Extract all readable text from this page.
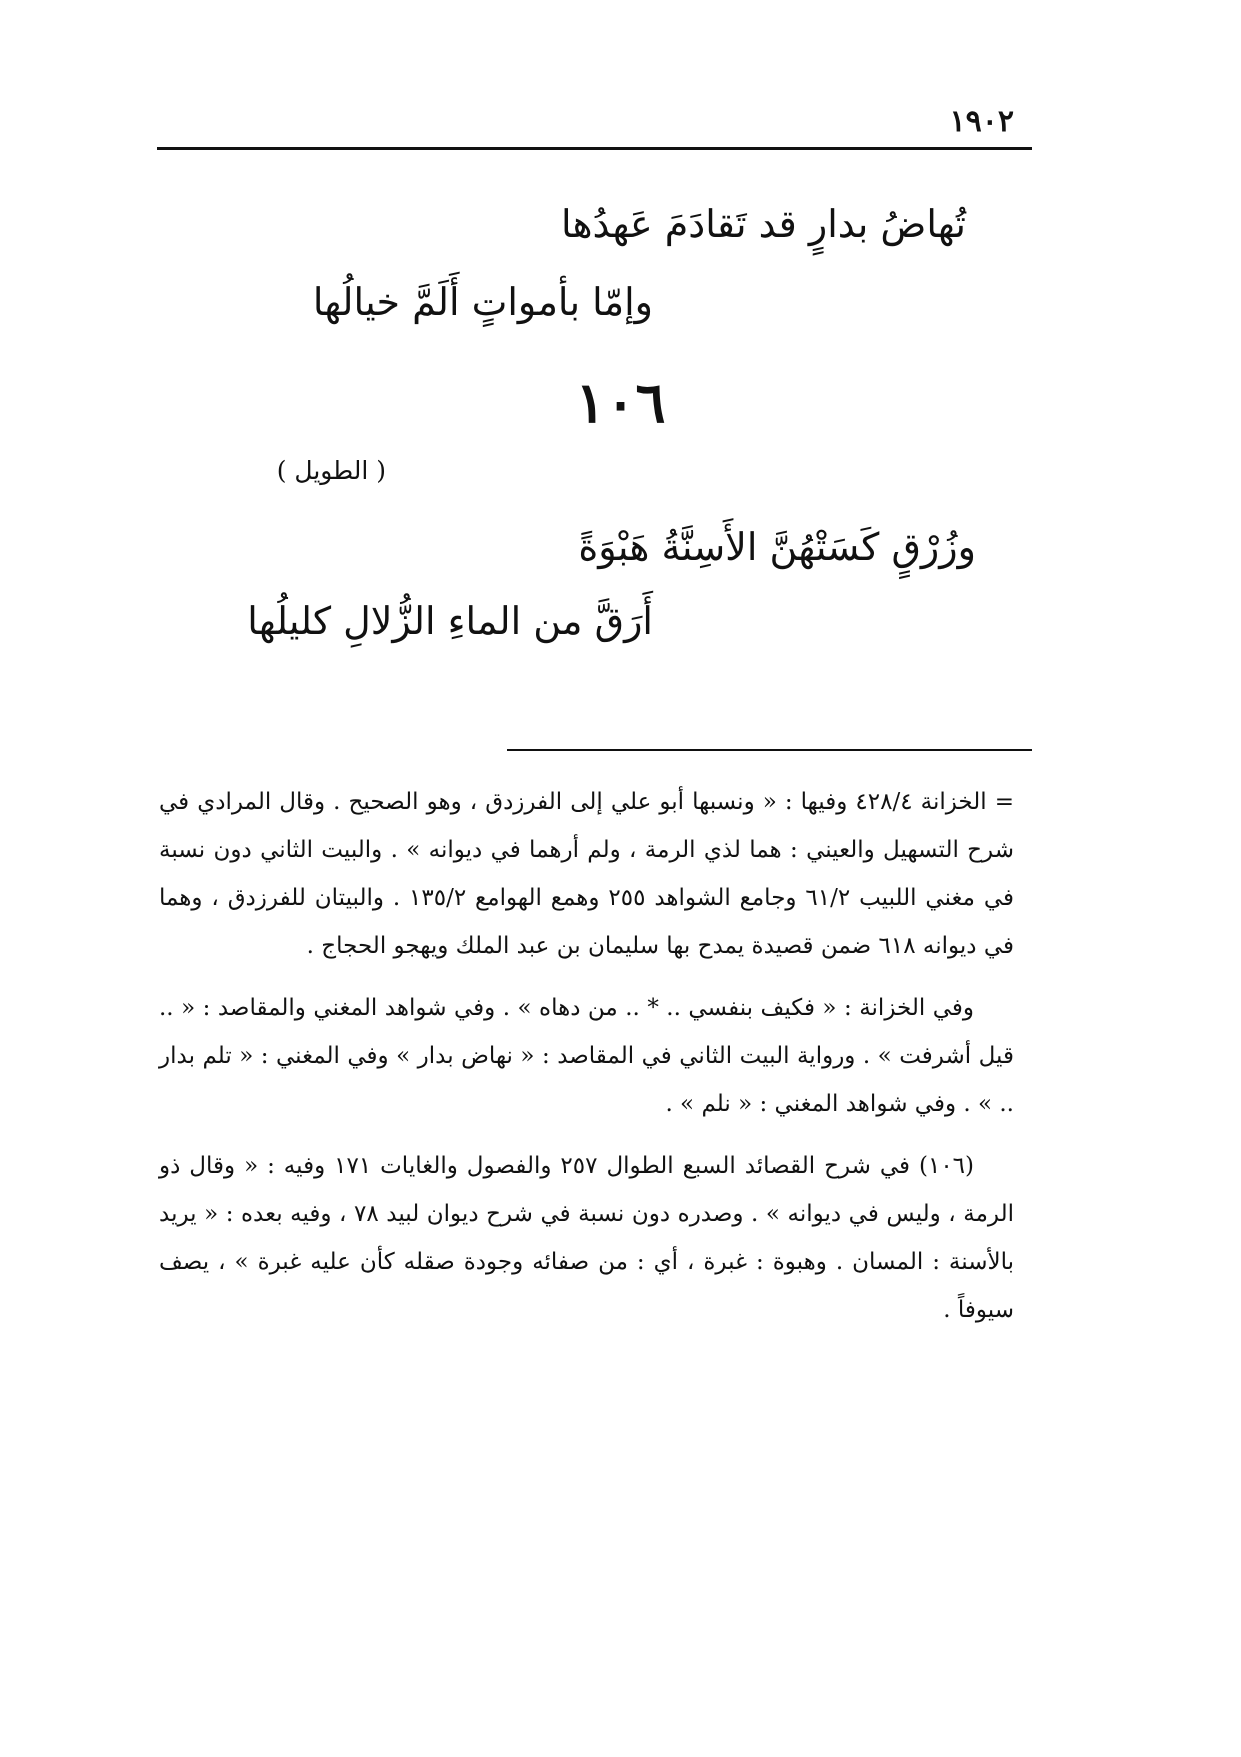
١٩٠٢
تُهاضُ بدارٍ قد تَقادَمَ عَهدُها
وإمّا بأمواتٍ أَلَمَّ خيالُها
١٠٦
( الطويل )
وزُرْقٍ كَسَتْهُنَّ الأَسِنَّةُ هَبْوَةً
أَرَقَّ من الماءِ الزُّلالِ كليلُها

= الخزانة ٤٢٨/٤ وفيها : « ونسبها أبو علي إلى الفرزدق ، وهو الصحيح . وقال المرادي في شرح التسهيل والعيني : هما لذي الرمة ، ولم أرهما في ديوانه » . والبيت الثاني دون نسبة في مغني اللبيب ٦١/٢ وجامع الشواهد ٢٥٥ وهمع الهوامع ١٣٥/٢ . والبيتان للفرزدق ، وهما في ديوانه ٦١٨ ضمن قصيدة يمدح بها سليمان بن عبد الملك ويهجو الحجاج .

وفي الخزانة : « فكيف بنفسي .. * .. من دهاه » . وفي شواهد المغني والمقاصد : « .. قيل أشرفت » . ورواية البيت الثاني في المقاصد : « نهاض بدار » وفي المغني : « تلم بدار .. » . وفي شواهد المغني : « نلم » .

(١٠٦) في شرح القصائد السبع الطوال ٢٥٧ والفصول والغايات ١٧١ وفيه : « وقال ذو الرمة ، وليس في ديوانه » . وصدره دون نسبة في شرح ديوان لبيد ٧٨ ، وفيه بعده : « يريد بالأسنة : المسان . وهبوة : غبرة ، أي : من صفائه وجودة صقله كأن عليه غبرة » ، يصف سيوفاً .
